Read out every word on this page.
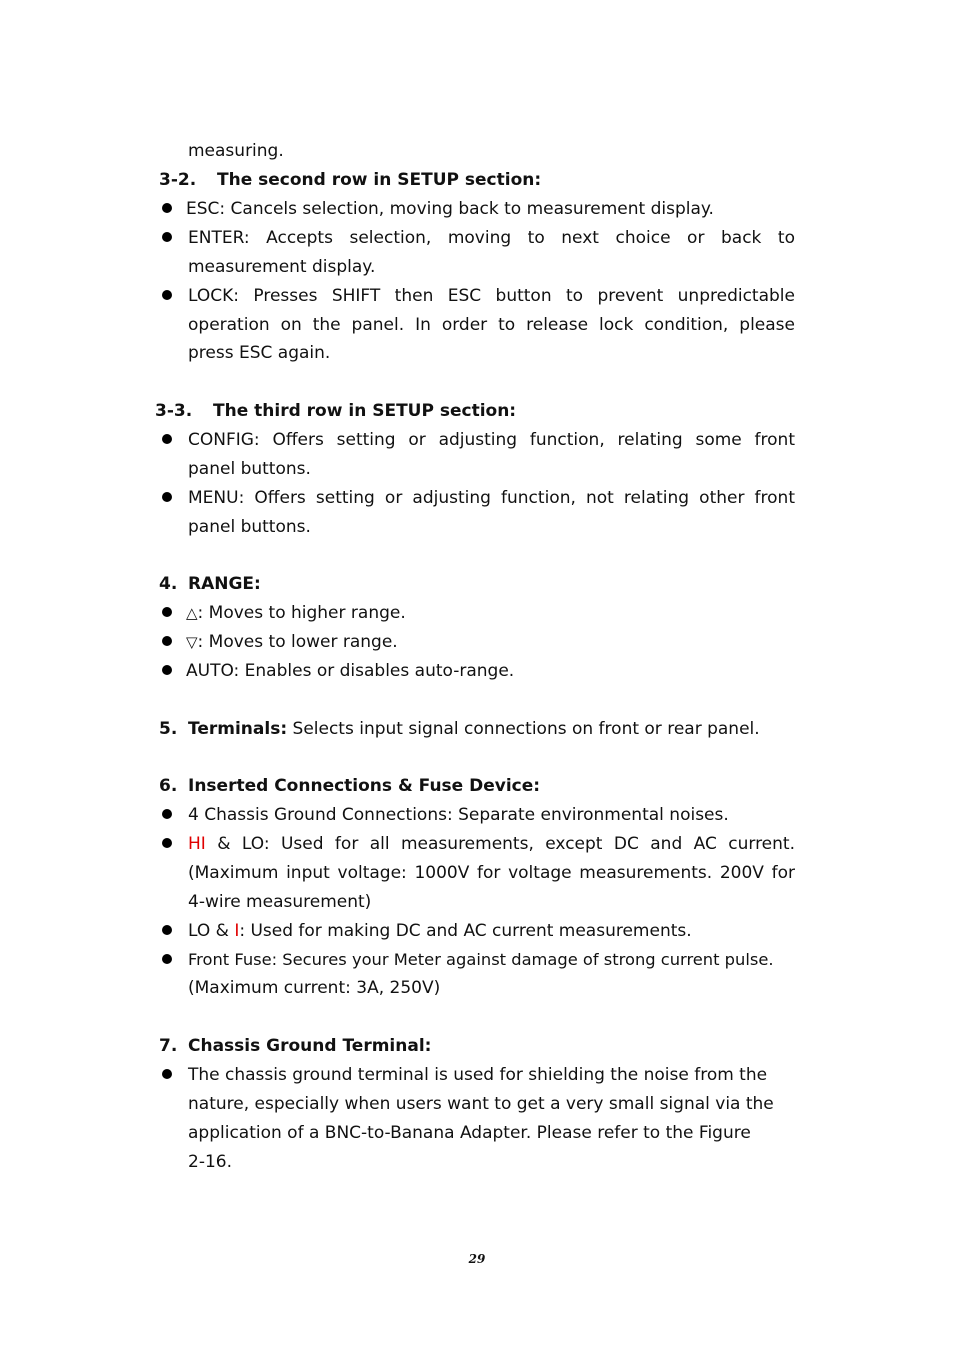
measuring.
3-2. The second row in SETUP section:
ESC: Cancels selection, moving back to measurement display.
ENTER: Accepts selection, moving to next choice or back to
measurement display.
LOCK: Presses SHIFT then ESC button to prevent unpredictable
operation on the panel. In order to release lock condition, please
press ESC again.
3-3. The third row in SETUP section:
CONFIG: Offers setting or adjusting function, relating some front
panel buttons.
MENU: Offers setting or adjusting function, not relating other front
panel buttons.
4. RANGE:
△: Moves to higher range.
▽: Moves to lower range.
AUTO: Enables or disables auto-range.
5. Terminals: Selects input signal connections on front or rear panel.
6. Inserted Connections & Fuse Device:
4 Chassis Ground Connections: Separate environmental noises.
HI & LO: Used for all measurements, except DC and AC current.
(Maximum input voltage: 1000V for voltage measurements. 200V for
4-wire measurement)
LO & I: Used for making DC and AC current measurements.
Front Fuse: Secures your Meter against damage of strong current pulse.
(Maximum current: 3A, 250V)
7. Chassis Ground Terminal:
The chassis ground terminal is used for shielding the noise from the
nature, especially when users want to get a very small signal via the
application of a BNC-to-Banana Adapter. Please refer to the Figure
2-16.
29
